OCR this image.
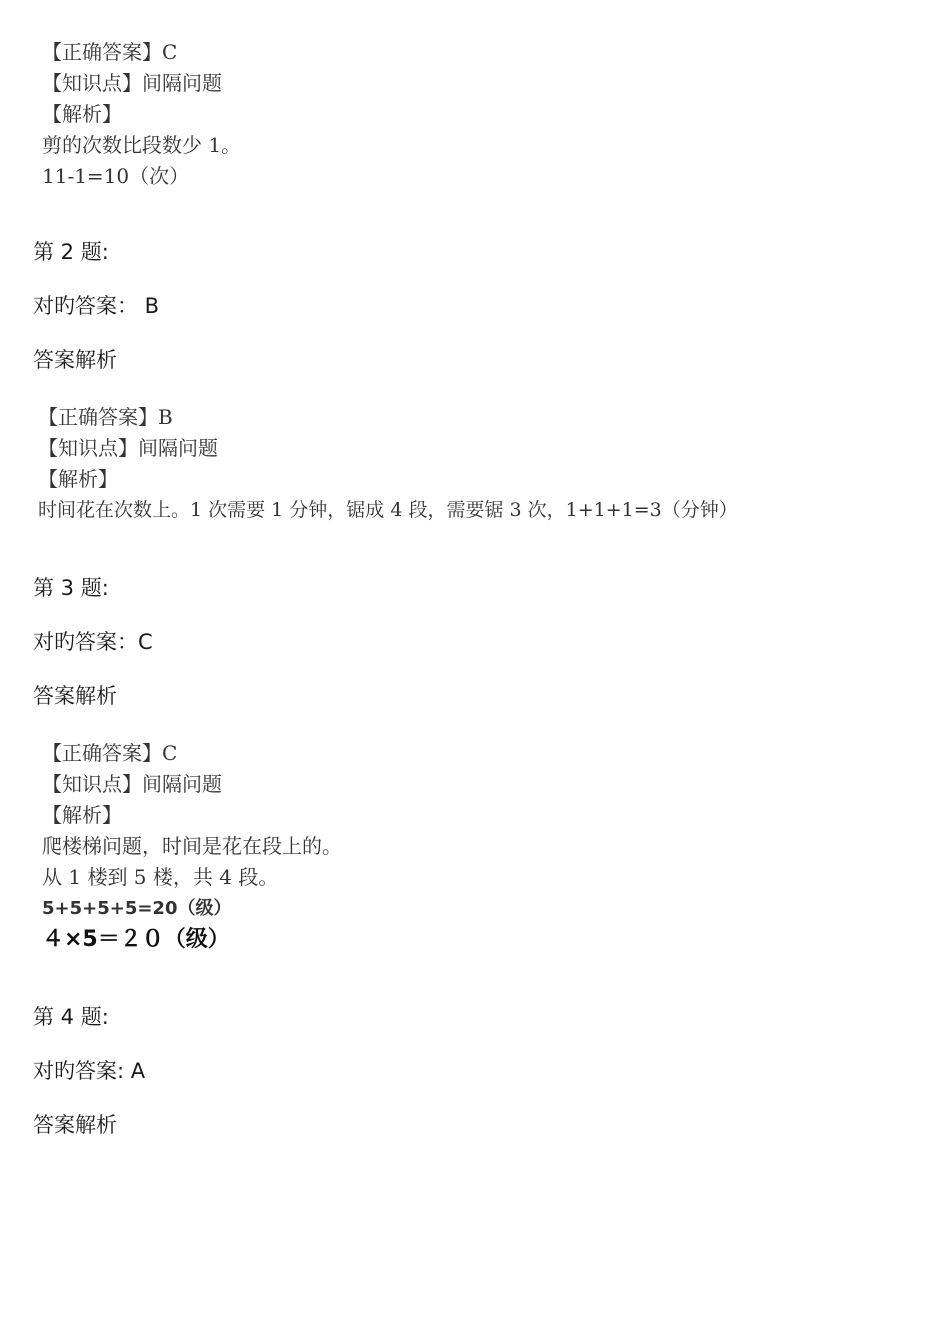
【正确答案】C
【知识点】间隔问题
【解析】
剪的次数比段数少 1。
11-1=10（次）
第 2 题:
对旳答案： B
答案解析
【正确答案】B
【知识点】间隔问题
【解析】
时间花在次数上。1 次需要 1 分钟，锯成 4 段，需要锯 3 次，1+1+1=3（分钟）
第 3 题:
对旳答案：C
答案解析
【正确答案】C
【知识点】间隔问题
【解析】
爬楼梯问题，时间是花在段上的。
从 1 楼到 5 楼，共 4 段。
5+5+5+5=20（级）
４×5＝２０（级）
第 4 题:
对旳答案: A
答案解析
